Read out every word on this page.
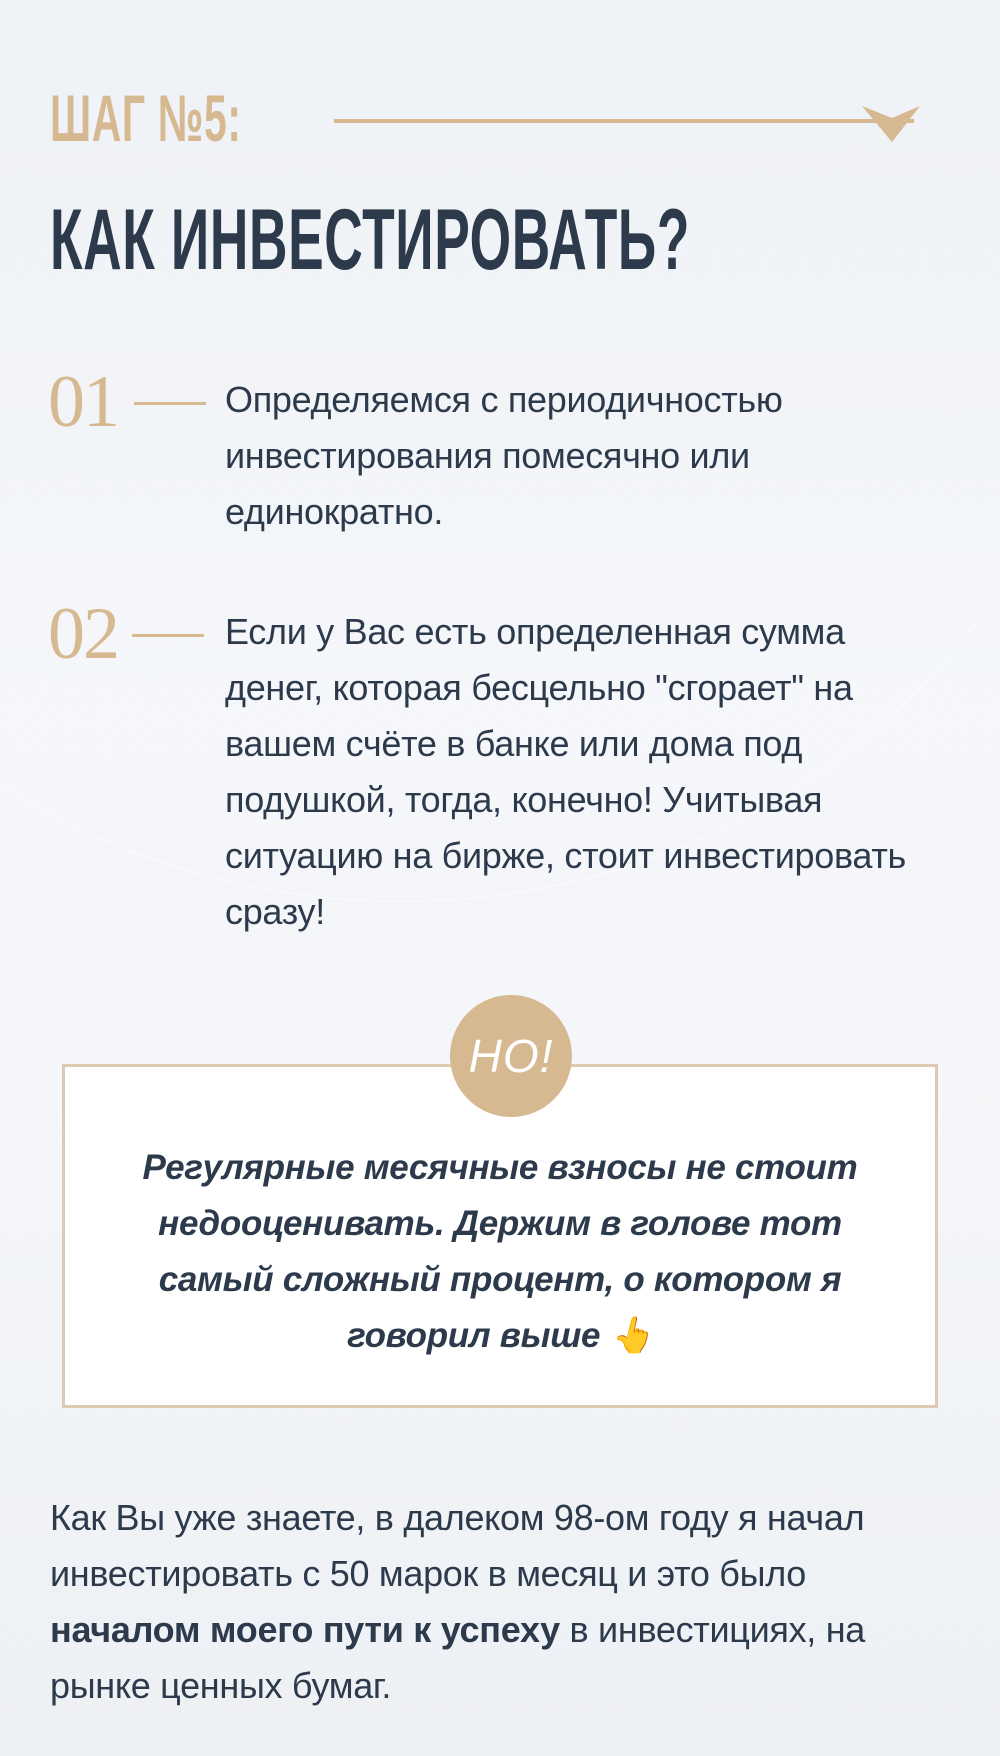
ШАГ №5:
КАК ИНВЕСТИРОВАТЬ?
01	Определяемся с периодичностью инвестирования помесячно или единократно.
02	Если у Вас есть определенная сумма денег, которая бесцельно "сгорает" на вашем счёте в банке или дома под подушкой, тогда, конечно! Учитывая ситуацию на бирже, стоит инвестировать сразу!
НО!
Регулярные месячные взносы не стоит недооценивать. Держим в голове тот самый сложный процент, о котором я говорил выше 👆
Как Вы уже знаете, в далеком 98-ом году я начал инвестировать с 50 марок в месяц и это было началом моего пути к успеху в инвестициях, на рынке ценных бумаг.
